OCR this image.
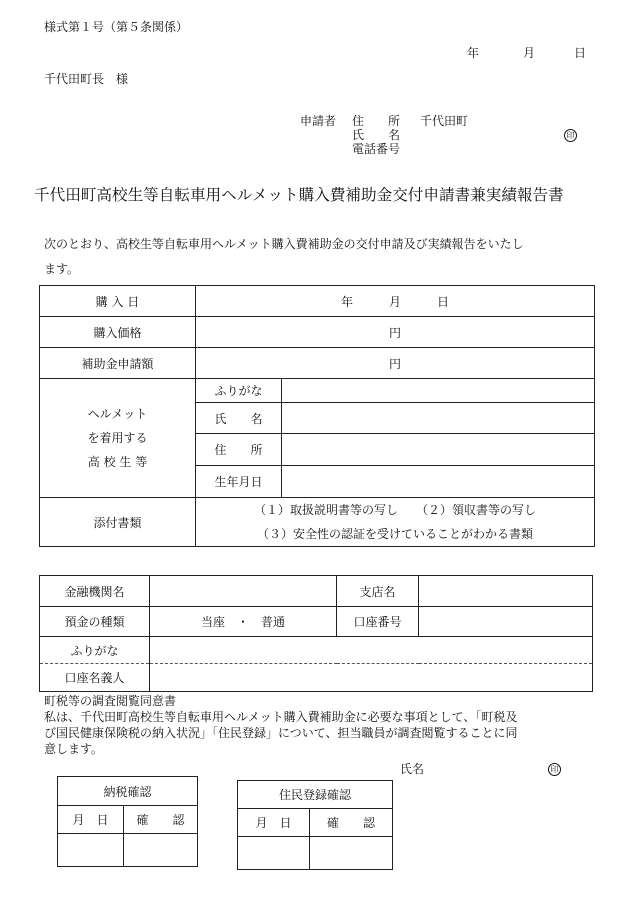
様式第１号（第５条関係）
年	月	日
千代田町長　様
申請者 住　　所 千代田町
氏　　名	印
電話番号
千代田町高校生等自転車用ヘルメット購入費補助金交付申請書兼実績報告書
次のとおり、高校生等自転車用ヘルメット購入費補助金の交付申請及び実績報告をいたし
ます。
購 入 日	年　　　月　　　日	
購入価格	円	
補助金申請額	円	

ヘルメット
を着用する
高 校 生 等	ふりがな	
	氏　　名	
	住　　所	
	生年月日	
添付書類	（１）取扱説明書等の写し　　（２）領収書等の写し
（３）安全性の認証を受けていることがわかる書類	
金融機関名		支店名	
預金の種類	当座　・　普通	口座番号	
ふりがな			
口座名義人			
町税等の調査閲覧同意書
私は、千代田町高校生等自転車用ヘルメット購入費補助金に必要な事項として、「町税及
び国民健康保険税の納入状況」「住民登録」について、担当職員が調査閲覧することに同
意します。
氏名	印
納税確認	
月　日	確　　認

住民登録確認	
月　日	確　　認
